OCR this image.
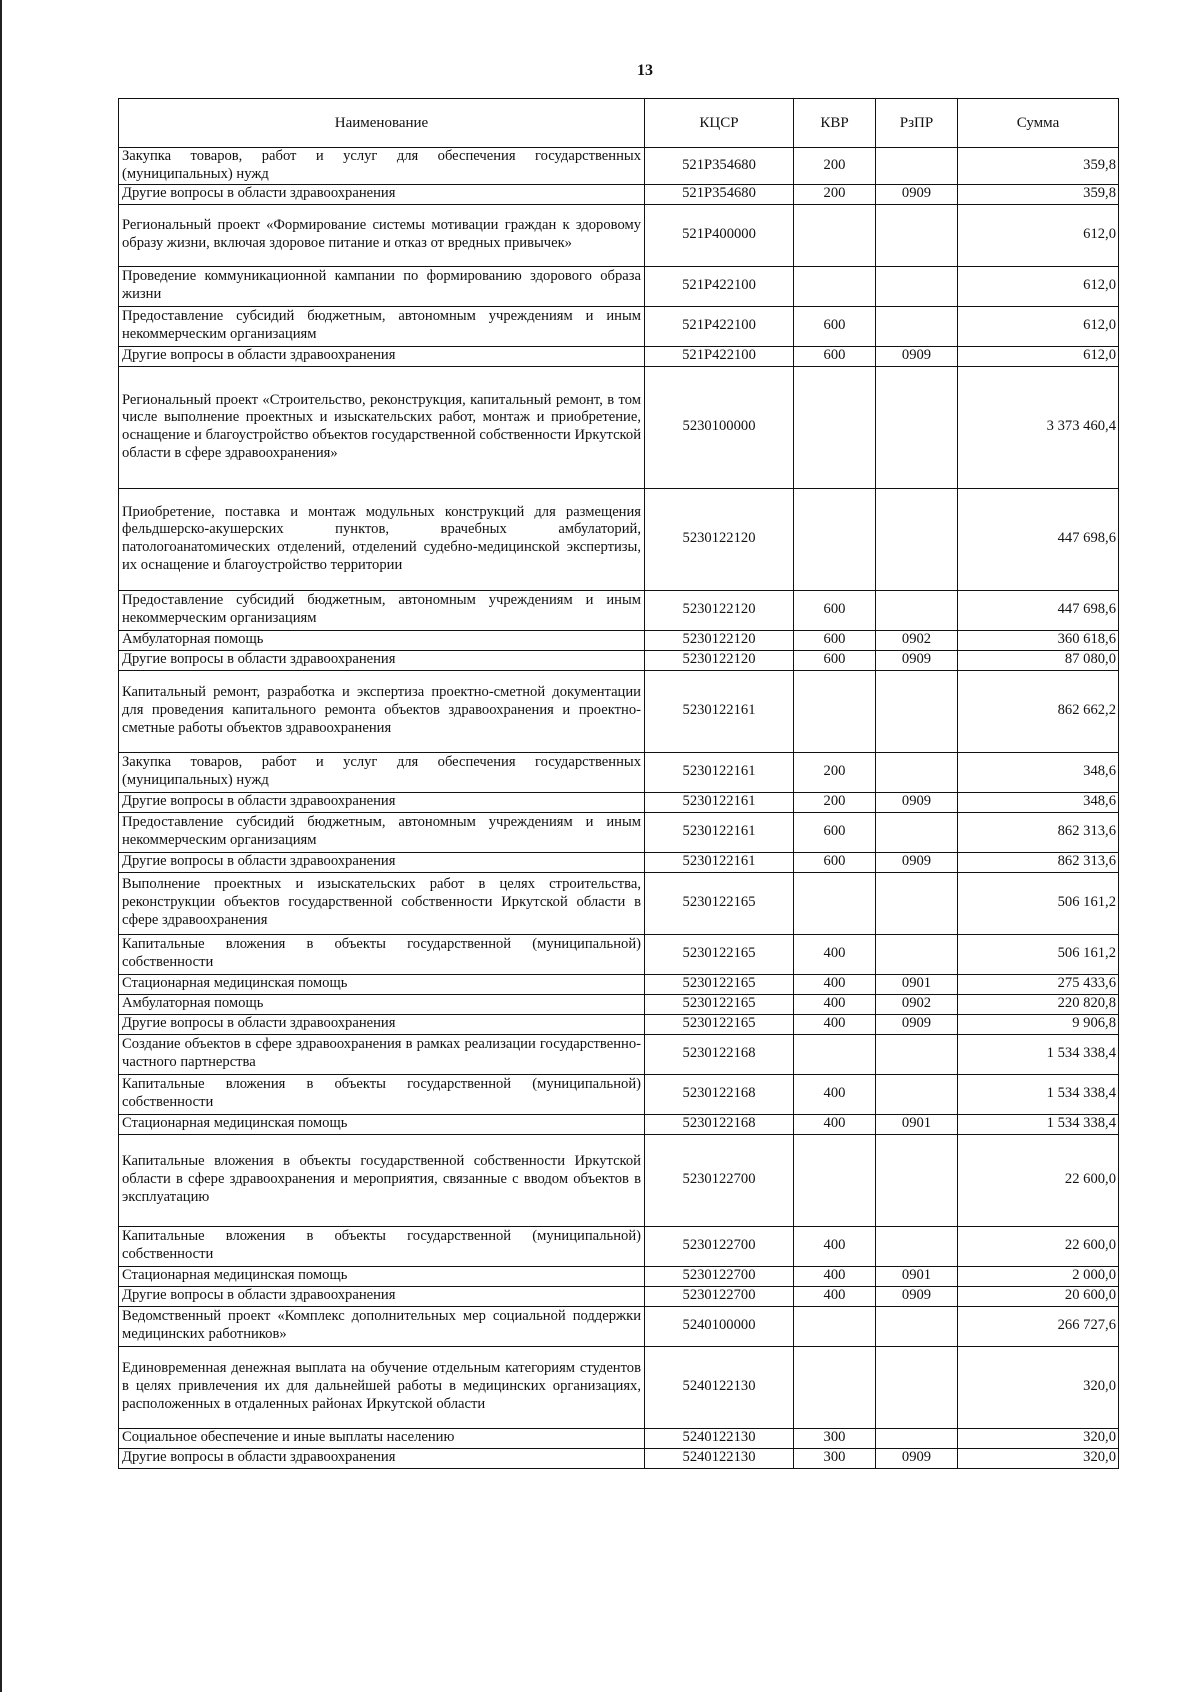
13
Наименование	КЦСР	КВР	РзПР	Сумма
Закупка товаров, работ и услуг для обеспечения государственных (муниципальных) нужд	521P354680	200		359,8
Другие вопросы в области здравоохранения	521P354680	200	0909	359,8
Региональный проект «Формирование системы мотивации граждан к здоровому образу жизни, включая здоровое питание и отказ от вредных привычек»	521P400000			612,0
Проведение коммуникационной кампании по формированию здорового образа жизни	521P422100			612,0
Предоставление субсидий бюджетным, автономным учреждениям и иным некоммерческим организациям	521P422100	600		612,0
Другие вопросы в области здравоохранения	521P422100	600	0909	612,0
Региональный проект «Строительство, реконструкция, капитальный ремонт, в том числе выполнение проектных и изыскательских работ, монтаж и приобретение, оснащение и благоустройство объектов государственной собственности Иркутской области в сфере здравоохранения»	5230100000			3 373 460,4
Приобретение, поставка и монтаж модульных конструкций для размещения фельдшерско-акушерских пунктов, врачебных амбулаторий, патологоанатомических отделений, отделений судебно-медицинской экспертизы, их оснащение и благоустройство территории	5230122120			447 698,6
Предоставление субсидий бюджетным, автономным учреждениям и иным некоммерческим организациям	5230122120	600		447 698,6
Амбулаторная помощь	5230122120	600	0902	360 618,6
Другие вопросы в области здравоохранения	5230122120	600	0909	87 080,0
Капитальный ремонт, разработка и экспертиза проектно-сметной документации для проведения капитального ремонта объектов здравоохранения и проектно-сметные работы объектов здравоохранения	5230122161			862 662,2
Закупка товаров, работ и услуг для обеспечения государственных (муниципальных) нужд	5230122161	200		348,6
Другие вопросы в области здравоохранения	5230122161	200	0909	348,6
Предоставление субсидий бюджетным, автономным учреждениям и иным некоммерческим организациям	5230122161	600		862 313,6
Другие вопросы в области здравоохранения	5230122161	600	0909	862 313,6
Выполнение проектных и изыскательских работ в целях строительства, реконструкции объектов государственной собственности Иркутской области в сфере здравоохранения	5230122165			506 161,2
Капитальные вложения в объекты государственной (муниципальной) собственности	5230122165	400		506 161,2
Стационарная медицинская помощь	5230122165	400	0901	275 433,6
Амбулаторная помощь	5230122165	400	0902	220 820,8
Другие вопросы в области здравоохранения	5230122165	400	0909	9 906,8
Создание объектов в сфере здравоохранения в рамках реализации государственно-частного партнерства	5230122168			1 534 338,4
Капитальные вложения в объекты государственной (муниципальной) собственности	5230122168	400		1 534 338,4
Стационарная медицинская помощь	5230122168	400	0901	1 534 338,4
Капитальные вложения в объекты государственной собственности Иркутской области в сфере здравоохранения и мероприятия, связанные с вводом объектов в эксплуатацию	5230122700			22 600,0
Капитальные вложения в объекты государственной (муниципальной) собственности	5230122700	400		22 600,0
Стационарная медицинская помощь	5230122700	400	0901	2 000,0
Другие вопросы в области здравоохранения	5230122700	400	0909	20 600,0
Ведомственный проект «Комплекс дополнительных мер социальной поддержки медицинских работников»	5240100000			266 727,6
Единовременная денежная выплата на обучение отдельным категориям студентов в целях привлечения их для дальнейшей работы в медицинских организациях, расположенных в отдаленных районах Иркутской области	5240122130			320,0
Социальное обеспечение и иные выплаты населению	5240122130	300		320,0
Другие вопросы в области здравоохранения	5240122130	300	0909	320,0
